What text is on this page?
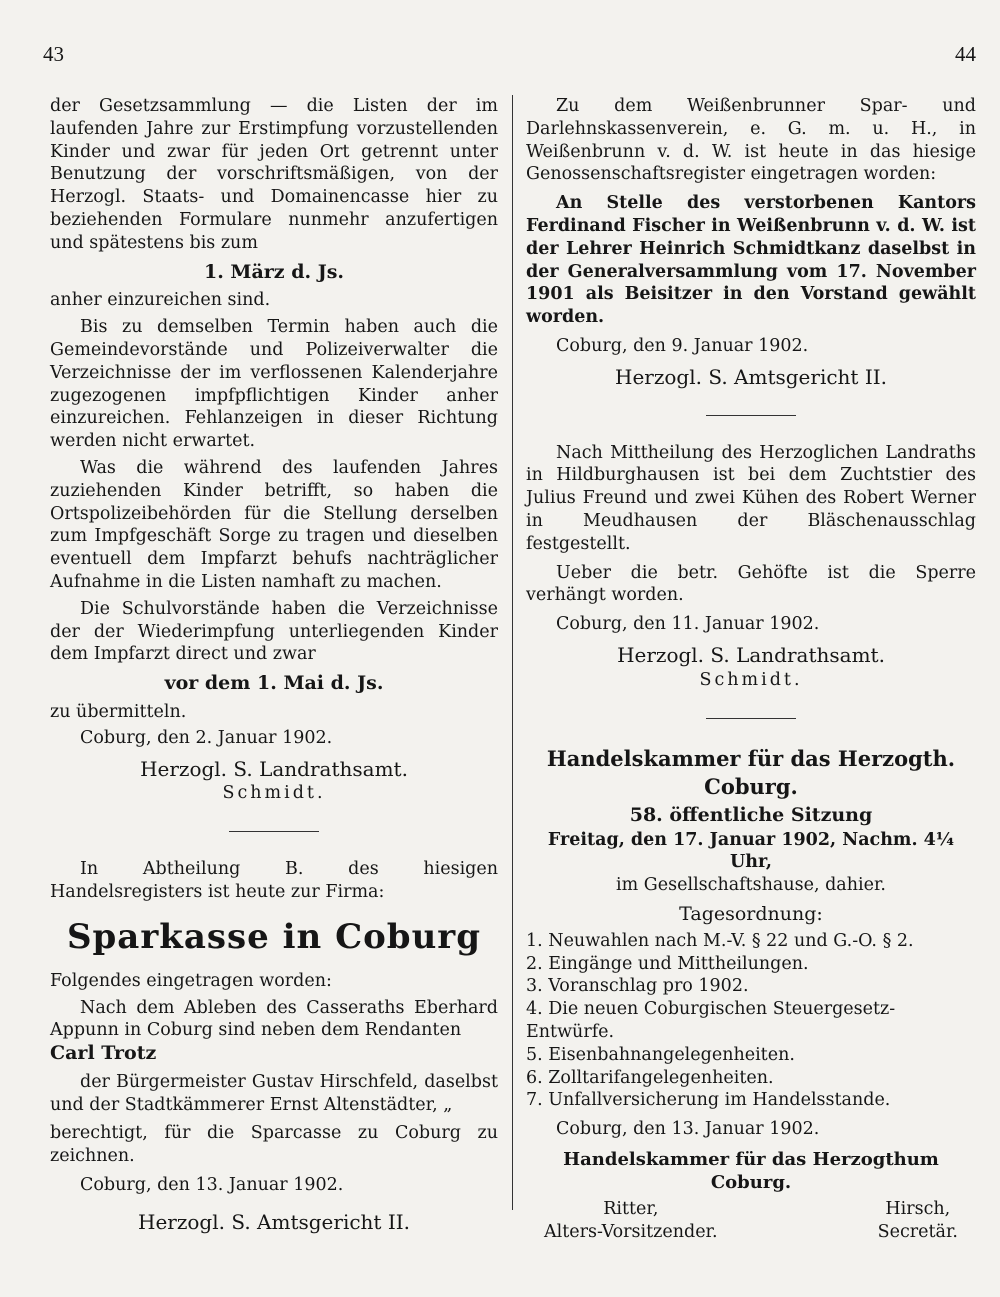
43	44

der Gesetzsammlung — die Listen der im laufenden Jahre zur Erstimpfung vorzustellenden Kinder und zwar für jeden Ort getrennt unter Benutzung der vorschriftsmäßigen, von der Herzogl. Staats- und Domainencasse hier zu beziehenden Formulare nunmehr anzufertigen und spätestens bis zum

1. März d. Js.

anher einzureichen sind.

Bis zu demselben Termin haben auch die Gemeindevorstände und Polizeiverwalter die Verzeichnisse der im verflossenen Kalenderjahre zugezogenen impfpflichtigen Kinder anher einzureichen. Fehlanzeigen in dieser Richtung werden nicht erwartet.

Was die während des laufenden Jahres zuziehenden Kinder betrifft, so haben die Ortspolizeibehörden für die Stellung derselben zum Impfgeschäft Sorge zu tragen und dieselben eventuell dem Impfarzt behufs nachträglicher Aufnahme in die Listen namhaft zu machen.

Die Schulvorstände haben die Verzeichnisse der der Wiederimpfung unterliegenden Kinder dem Impfarzt direct und zwar

vor dem 1. Mai d. Js.

zu übermitteln.

Coburg, den 2. Januar 1902.

Herzogl. S. Landrathsamt.
Schmidt.

In Abtheilung B. des hiesigen Handelsregisters ist heute zur Firma:

Sparkasse in Coburg

Folgendes eingetragen worden:

Nach dem Ableben des Casseraths Eberhard Appunn in Coburg sind neben dem Rendanten

Carl Trotz

der Bürgermeister Gustav Hirschfeld, daselbst und der Stadtkämmerer Ernst Altenstädter, „

berechtigt, für die Sparcasse zu Coburg zu zeichnen.

Coburg, den 13. Januar 1902.

Herzogl. S. Amtsgericht II.

Zu dem Weißenbrunner Spar- und Darlehnskassenverein, e. G. m. u. H., in Weißenbrunn v. d. W. ist heute in das hiesige Genossenschaftsregister eingetragen worden:

An Stelle des verstorbenen Kantors Ferdinand Fischer in Weißenbrunn v. d. W. ist der Lehrer Heinrich Schmidtkanz daselbst in der Generalversammlung vom 17. November 1901 als Beisitzer in den Vorstand gewählt worden.

Coburg, den 9. Januar 1902.

Herzogl. S. Amtsgericht II.

Nach Mittheilung des Herzoglichen Landraths in Hildburghausen ist bei dem Zuchtstier des Julius Freund und zwei Kühen des Robert Werner in Meudhausen der Bläschenausschlag festgestellt.

Ueber die betr. Gehöfte ist die Sperre verhängt worden.

Coburg, den 11. Januar 1902.

Herzogl. S. Landrathsamt.
Schmidt.
Handelskammer für das Herzogth. Coburg.
58. öffentliche Sitzung
Freitag, den 17. Januar 1902, Nachm. 4¼ Uhr,
im Gesellschaftshause, dahier.
Tagesordnung:
1. Neuwahlen nach M.-V. § 22 und G.-O. § 2.
2. Eingänge und Mittheilungen.
3. Voranschlag pro 1902.
4. Die neuen Coburgischen Steuergesetz-Entwürfe.
5. Eisenbahnangelegenheiten.
6. Zolltarifangelegenheiten.
7. Unfallversicherung im Handelsstande.

Coburg, den 13. Januar 1902.

Handelskammer für das Herzogthum Coburg.
Ritter,
Alters-Vorsitzender.
Hirsch,
Secretär.
